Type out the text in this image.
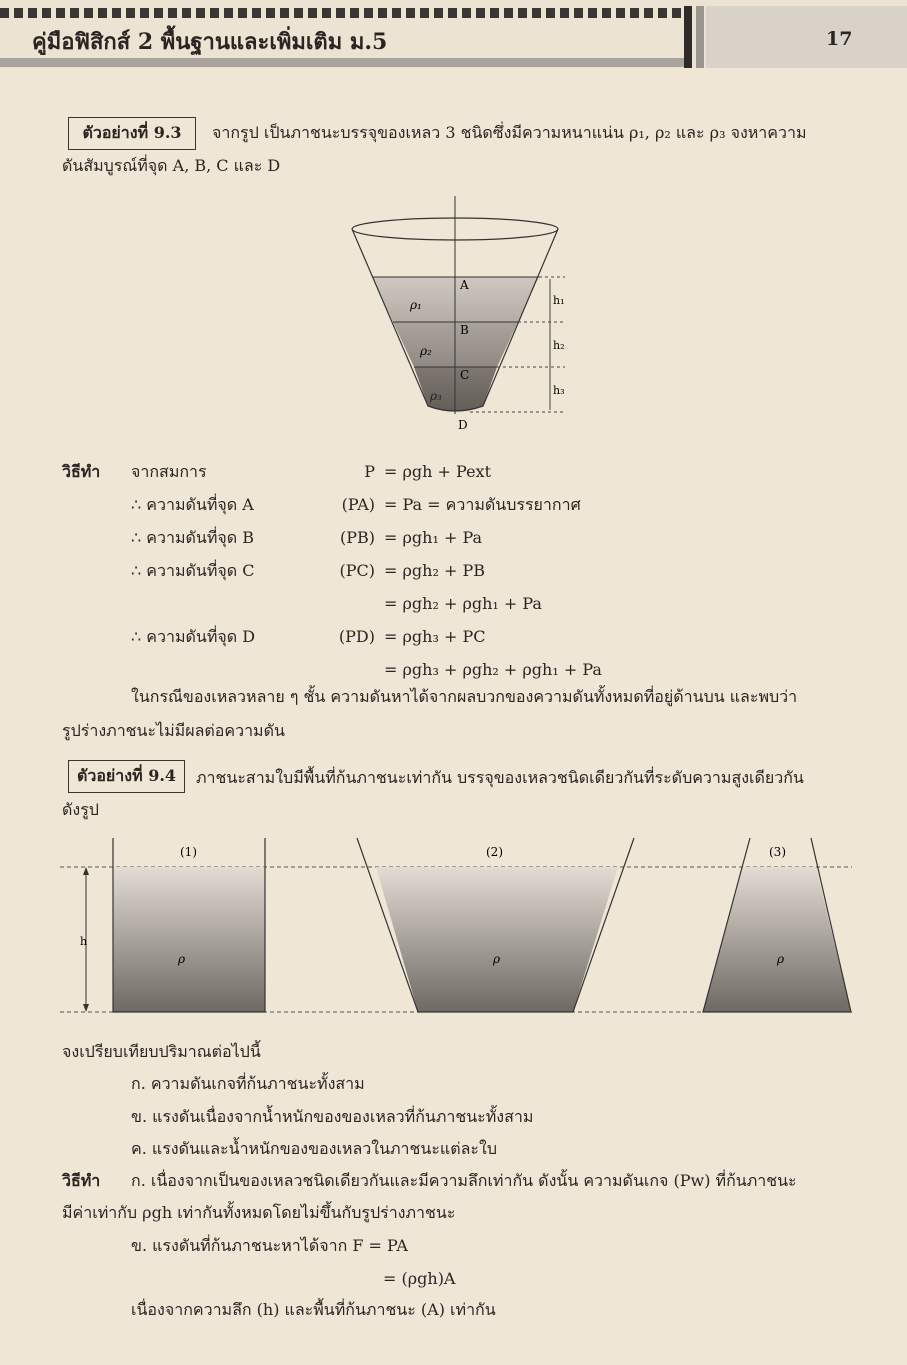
คู่มือฟิสิกส์ 2 พื้นฐานและเพิ่มเติม ม.5	17
ตัวอย่างที่ 9.3	จากรูป เป็นภาชนะบรรจุของเหลว 3 ชนิดซึ่งมีความหนาแน่น ρ₁, ρ₂ และ ρ₃ จงหาความ
ดันสัมบูรณ์ที่จุด A, B, C และ D
A
B
C
D
ρ₁
ρ₂
ρ₃
h₁
h₂
h₃
วิธีทำ จากสมการ	P = ρgh + Pext
∴ ความดันที่จุด A	(PA) = Pa = ความดันบรรยากาศ
∴ ความดันที่จุด B	(PB) = ρgh₁ + Pa
∴ ความดันที่จุด C	(PC) = ρgh₂ + PB
= ρgh₂ + ρgh₁ + Pa
∴ ความดันที่จุด D	(PD) = ρgh₃ + PC
= ρgh₃ + ρgh₂ + ρgh₁ + Pa
ในกรณีของเหลวหลาย ๆ ชั้น ความดันหาได้จากผลบวกของความดันทั้งหมดที่อยู่ด้านบน และพบว่า
รูปร่างภาชนะไม่มีผลต่อความดัน
ตัวอย่างที่ 9.4	ภาชนะสามใบมีพื้นที่ก้นภาชนะเท่ากัน บรรจุของเหลวชนิดเดียวกันที่ระดับความสูงเดียวกัน
ดังรูป
h
(1)	(2)	(3)
ρ	ρ	ρ
จงเปรียบเทียบปริมาณต่อไปนี้
ก. ความดันเกจที่ก้นภาชนะทั้งสาม
ข. แรงดันเนื่องจากน้ำหนักของของเหลวที่ก้นภาชนะทั้งสาม
ค. แรงดันและน้ำหนักของของเหลวในภาชนะแต่ละใบ
วิธีทำ ก. เนื่องจากเป็นของเหลวชนิดเดียวกันและมีความลึกเท่ากัน ดังนั้น ความดันเกจ (Pw) ที่ก้นภาชนะ
มีค่าเท่ากับ ρgh เท่ากันทั้งหมดโดยไม่ขึ้นกับรูปร่างภาชนะ
ข. แรงดันที่ก้นภาชนะหาได้จาก F = PA
= (ρgh)A
เนื่องจากความลึก (h) และพื้นที่ก้นภาชนะ (A) เท่ากัน
